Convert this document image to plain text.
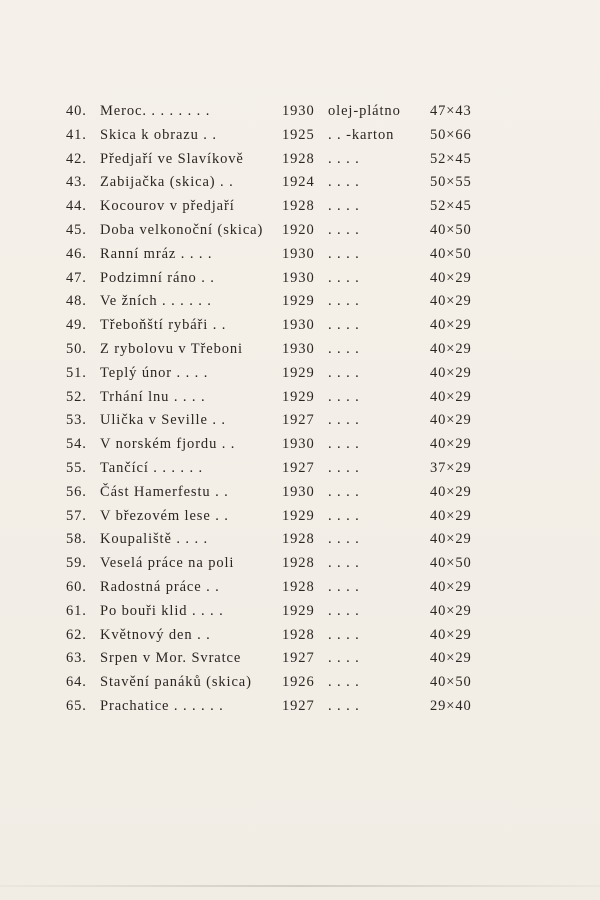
40. Meroc. . . . . . . .	1930 olej-plátno	47×43
41. Skica k obrazu . .	1925 . . -karton	50×66
42. Předjaří ve Slavíkově	1928 . . . .	52×45
43. Zabijačka (skica) . .	1924 . . . .	50×55
44. Kocourov v předjaří	1928 . . . .	52×45
45. Doba velkonoční (skica)	1920 . . . .	40×50
46. Ranní mráz . . . .	1930 . . . .	40×50
47. Podzimní ráno . .	1930 . . . .	40×29
48. Ve žních . . . . . .	1929 . . . .	40×29
49. Třeboňští rybáři . .	1930 . . . .	40×29
50. Z rybolovu v Třeboni	1930 . . . .	40×29
51. Teplý únor . . . .	1929 . . . .	40×29
52. Trhání lnu . . . .	1929 . . . .	40×29
53. Ulička v Seville . .	1927 . . . .	40×29
54. V norském fjordu . .	1930 . . . .	40×29
55. Tančící . . . . . .	1927 . . . .	37×29
56. Část Hamerfestu . .	1930 . . . .	40×29
57. V březovém lese . .	1929 . . . .	40×29
58. Koupaliště . . . .	1928 . . . .	40×29
59. Veselá práce na poli	1928 . . . .	40×50
60. Radostná práce . .	1928 . . . .	40×29
61. Po bouři klid . . . .	1929 . . . .	40×29
62. Květnový den . .	1928 . . . .	40×29
63. Srpen v Mor. Svratce	1927 . . . .	40×29
64. Stavění panáků (skica)	1926 . . . .	40×50
65. Prachatice . . . . . .	1927 . . . .	29×40
